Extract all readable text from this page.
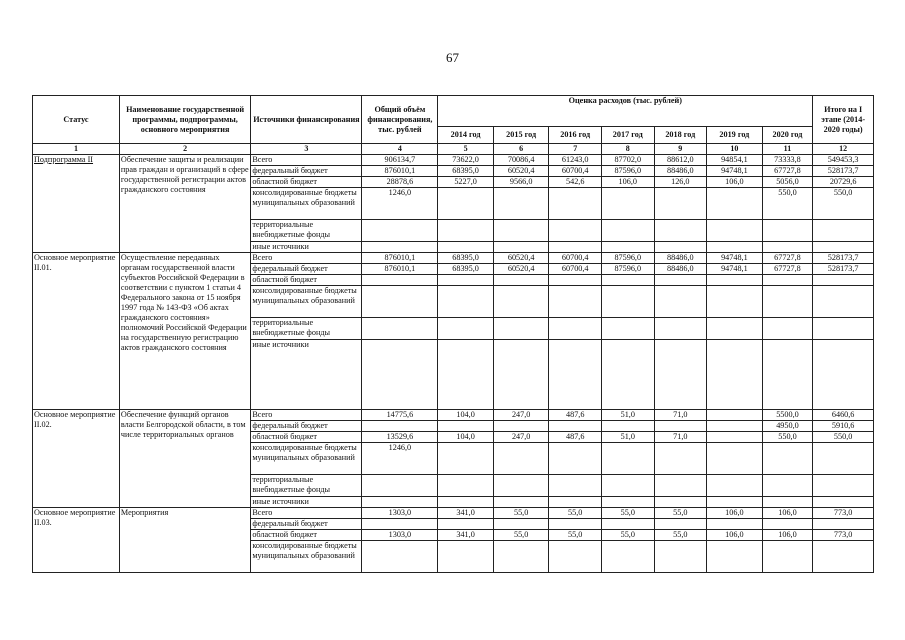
67
Статус	Наименование государственной программы, подпрограммы, основного мероприятия	Источники финансирования	Общий объём финансирования, тыс. рублей	Оценка расходов (тыс. рублей)							Итого на I этапе (2014-2020 годы)
				2014 год	2015 год	2016 год	2017 год	2018 год	2019 год	2020 год	
1	2	3	4	5	6	7	8	9	10	11	12
Подпрограмма II	Обеспечение защиты и реализации прав граждан и организаций в сфере государственной регистрации актов гражданского состояния	Всего	906134,7	73622,0	70086,4	61243,0	87702,0	88612,0	94854,1	73333,8	549453,3
		федеральный бюджет	876010,1	68395,0	60520,4	60700,4	87596,0	88486,0	94748,1	67727,8	528173,7
		областной бюджет	28878,6	5227,0	9566,0	542,6	106,0	126,0	106,0	5056,0	20729,6
		консолидированные бюджеты муниципальных образований	1246,0							550,0	550,0
		территориальные внебюджетные фонды									
		иные источники									
Основное мероприятие II.01.	Осуществление переданных органам государственной власти субъектов Российской Федерации в соответствии с пунктом 1 статьи 4 Федерального закона от 15 ноября 1997 года № 143-ФЗ «Об актах гражданского состояния» полномочий Российской Федерации на государственную регистрацию актов гражданского состояния	Всего	876010,1	68395,0	60520,4	60700,4	87596,0	88486,0	94748,1	67727,8	528173,7
		федеральный бюджет	876010,1	68395,0	60520,4	60700,4	87596,0	88486,0	94748,1	67727,8	528173,7
		областной бюджет									
		консолидированные бюджеты муниципальных образований									
		территориальные внебюджетные фонды									
		иные источники									
Основное мероприятие II.02.	Обеспечение функций органов власти Белгородской области, в том числе территориальных органов	Всего	14775,6	104,0	247,0	487,6	51,0	71,0		5500,0	6460,6
		федеральный бюджет								4950,0	5910,6
		областной бюджет	13529,6	104,0	247,0	487,6	51,0	71,0		550,0	550,0
		консолидированные бюджеты муниципальных образований	1246,0								
		территориальные внебюджетные фонды									
		иные источники									
Основное мероприятие II.03.	Мероприятия	Всего	1303,0	341,0	55,0	55,0	55,0	55,0	106,0	106,0	773,0
		федеральный бюджет									
		областной бюджет	1303,0	341,0	55,0	55,0	55,0	55,0	106,0	106,0	773,0
		консолидированные бюджеты муниципальных образований									
